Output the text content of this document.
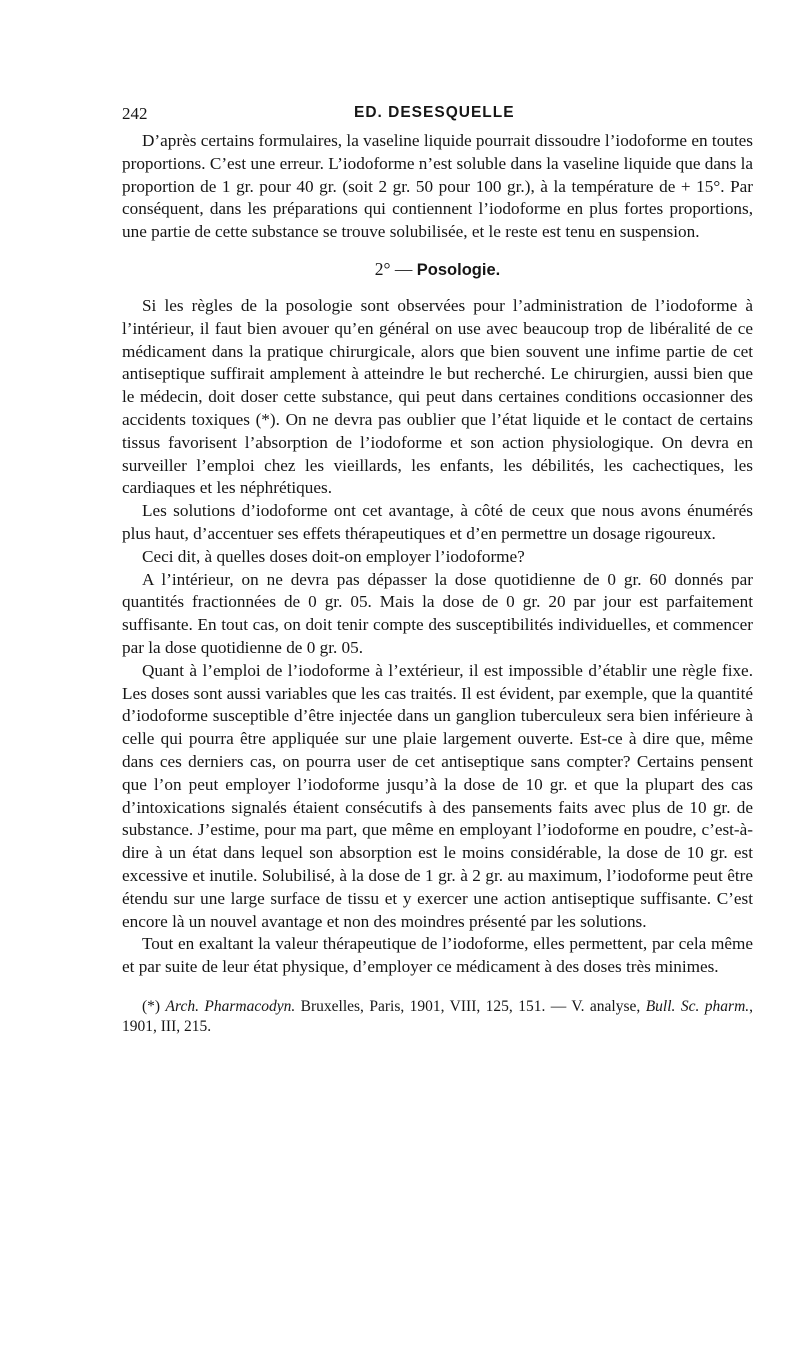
242	ED. DESESQUELLE

D’après certains formulaires, la vaseline liquide pourrait dissoudre l’iodoforme en toutes proportions. C’est une erreur. L’iodoforme n’est soluble dans la vaseline liquide que dans la proportion de 1 gr. pour 40 gr. (soit 2 gr. 50 pour 100 gr.), à la température de + 15°. Par conséquent, dans les préparations qui contiennent l’iodoforme en plus fortes proportions, une partie de cette substance se trouve solubilisée, et le reste est tenu en suspension.

2° — Posologie.

Si les règles de la posologie sont observées pour l’administration de l’iodoforme à l’intérieur, il faut bien avouer qu’en général on use avec beaucoup trop de libéralité de ce médicament dans la pratique chirurgicale, alors que bien souvent une infime partie de cet antiseptique suffirait amplement à atteindre le but recherché. Le chirurgien, aussi bien que le médecin, doit doser cette substance, qui peut dans certaines conditions occasionner des accidents toxiques (*). On ne devra pas oublier que l’état liquide et le contact de certains tissus favorisent l’absorption de l’iodoforme et son action physiologique. On devra en surveiller l’emploi chez les vieillards, les enfants, les débilités, les cachectiques, les cardiaques et les néphrétiques.

Les solutions d’iodoforme ont cet avantage, à côté de ceux que nous avons énumérés plus haut, d’accentuer ses effets thérapeutiques et d’en permettre un dosage rigoureux.

Ceci dit, à quelles doses doit-on employer l’iodoforme?

A l’intérieur, on ne devra pas dépasser la dose quotidienne de 0 gr. 60 donnés par quantités fractionnées de 0 gr. 05. Mais la dose de 0 gr. 20 par jour est parfaitement suffisante. En tout cas, on doit tenir compte des susceptibilités individuelles, et commencer par la dose quotidienne de 0 gr. 05.

Quant à l’emploi de l’iodoforme à l’extérieur, il est impossible d’établir une règle fixe. Les doses sont aussi variables que les cas traités. Il est évident, par exemple, que la quantité d’iodoforme susceptible d’être injectée dans un ganglion tuberculeux sera bien inférieure à celle qui pourra être appliquée sur une plaie largement ouverte. Est-ce à dire que, même dans ces derniers cas, on pourra user de cet antiseptique sans compter? Certains pensent que l’on peut employer l’iodoforme jusqu’à la dose de 10 gr. et que la plupart des cas d’intoxications signalés étaient consécutifs à des pansements faits avec plus de 10 gr. de substance. J’estime, pour ma part, que même en employant l’iodoforme en poudre, c’est-à-dire à un état dans lequel son absorption est le moins considérable, la dose de 10 gr. est excessive et inutile. Solubilisé, à la dose de 1 gr. à 2 gr. au maximum, l’iodoforme peut être étendu sur une large surface de tissu et y exercer une action antiseptique suffisante. C’est encore là un nouvel avantage et non des moindres présenté par les solutions.

Tout en exaltant la valeur thérapeutique de l’iodoforme, elles permettent, par cela même et par suite de leur état physique, d’employer ce médicament à des doses très minimes.

(*) Arch. Pharmacodyn. Bruxelles, Paris, 1901, VIII, 125, 151. — V. analyse, Bull. Sc. pharm., 1901, III, 215.
